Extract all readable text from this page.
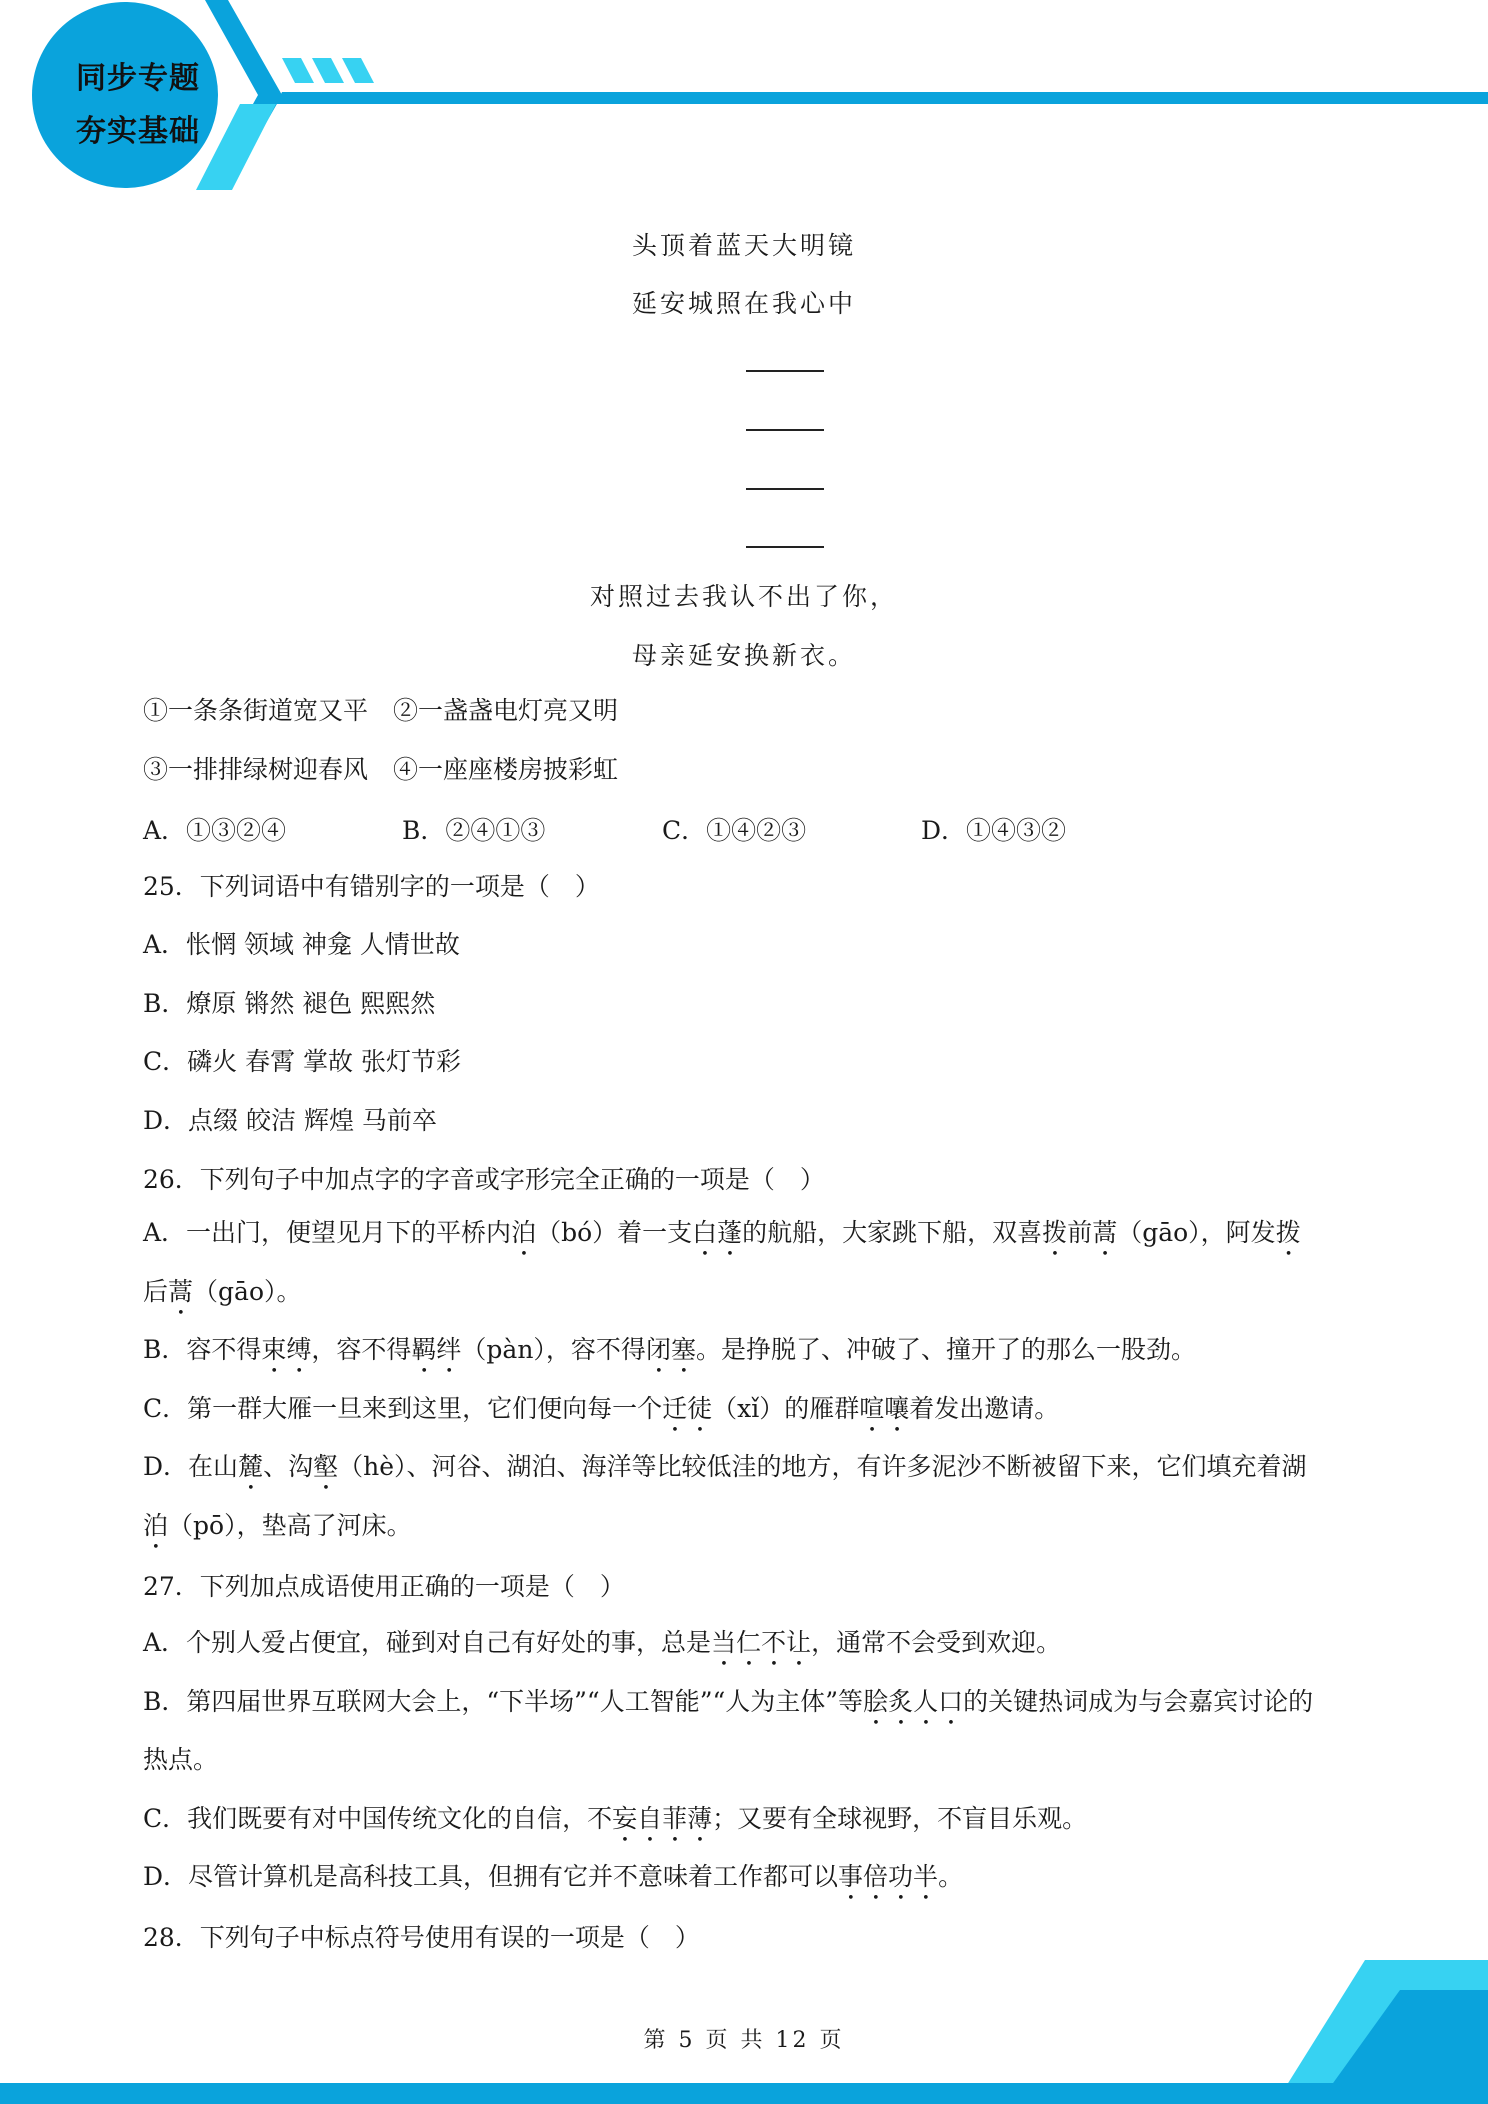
同步专题
夯实基础
头顶着蓝天大明镜
延安城照在我心中
对照过去我认不出了你，
母亲延安换新衣。
①一条条街道宽又平　②一盏盏电灯亮又明
③一排排绿树迎春风　④一座座楼房披彩虹
A．①③②④	B．②④①③	C．①④②③	D．①④③②
25．下列词语中有错别字的一项是（　）
A．怅惘 领域 神龛 人情世故
B．燎原 锵然 褪色 熙熙然
C．磷火 春霄 掌故 张灯节彩
D．点缀 皎洁 辉煌 马前卒
26．下列句子中加点字的字音或字形完全正确的一项是（　）
A．一出门，便望见月下的平桥内泊（bó）着一支白蓬的航船，大家跳下船，双喜拨前蒿（gāo），阿发拨
后蒿（gāo）。
B．容不得束缚，容不得羁绊（pàn），容不得闭塞。是挣脱了、冲破了、撞开了的那么一股劲。
C．第一群大雁一旦来到这里，它们便向每一个迁徒（xǐ）的雁群喧嚷着发出邀请。
D．在山麓、沟壑（hè）、河谷、湖泊、海洋等比较低洼的地方，有许多泥沙不断被留下来，它们填充着湖
泊（pō），垫高了河床。
27．下列加点成语使用正确的一项是（　）
A．个别人爱占便宜，碰到对自己有好处的事，总是当仁不让，通常不会受到欢迎。
B．第四届世界互联网大会上，“下半场”“人工智能”“人为主体”等脍炙人口的关键热词成为与会嘉宾讨论的
热点。
C．我们既要有对中国传统文化的自信，不妄自菲薄；又要有全球视野，不盲目乐观。
D．尽管计算机是高科技工具，但拥有它并不意味着工作都可以事倍功半。
28．下列句子中标点符号使用有误的一项是（　）
第 5 页 共 12 页
